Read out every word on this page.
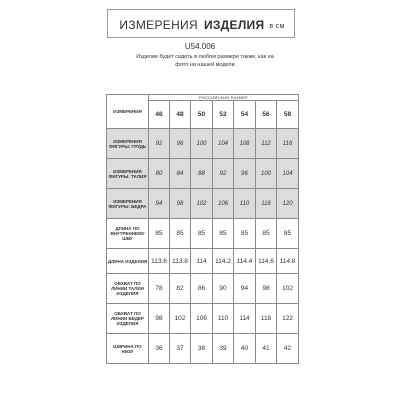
ИЗМЕРЕНИЯ ИЗДЕЛИЯ в см
U54.006
Изделие будет сидеть в любом размере также, как на фото на нашей модели
ИЗМЕРЕНИЯ	РОССИЙСКИЙ РАЗМЕР						
	46	48	50	52	54	56	58
ИЗМЕРЕНИЯ ФИГУРЫ: ГРУДЬ	92	96	100	104	108	112	116
ИЗМЕРЕНИЯ ФИГУРЫ: ТАЛИЯ	80	84	88	92	96	100	104
ИЗМЕРЕНИЯ ФИГУРЫ: БЕДРА	94	98	102	106	110	116	120
ДЛИНА ПО ВНУТРЕННЕМУ ШВУ	85	85	85	85	85	85	85
ДЛИНА ИЗДЕЛИЯ	113.6	113.8	114	114.2	114.4	114.6	114.8
ОБХВАТ ПО ЛИНИИ ТАЛИИ ИЗДЕЛИЯ	78	82	86	90	94	98	102
ОБХВАТ ПО ЛИНИИ БЕДЕР ИЗДЕЛИЯ	98	102	106	110	114	118	122
ШИРИНА ПО НИЗУ	36	37	38	39	40	41	42
